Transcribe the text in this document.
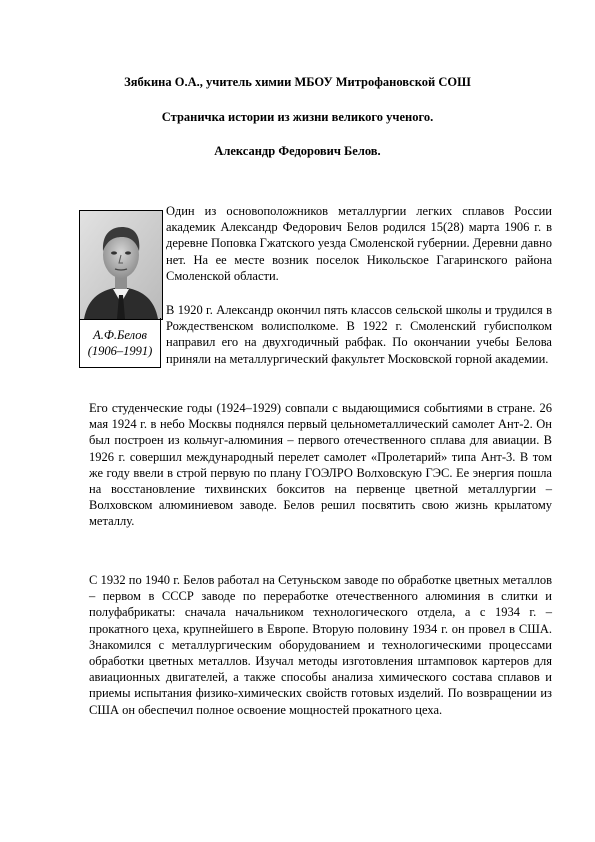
Зябкина О.А., учитель химии МБОУ Митрофановской СОШ
Страничка истории из жизни великого ученого.
Александр Федорович Белов.
А.Ф.Белов
(1906–1991)
Один из основоположников металлургии легких сплавов России академик Александр Федорович Белов родился 15(28) марта 1906 г. в деревне Поповка Гжатского уезда Смоленской губернии. Деревни давно нет. На ее месте возник поселок Никольское Гагаринского района Смоленской области.
В 1920 г. Александр окончил пять классов сельской школы и трудился в Рождественском волисполкоме. В 1922 г. Смоленский губисполком направил его на двухгодичный рабфак. По окончании учебы Белова приняли на металлургический факультет Московской горной академии.
Его студенческие годы (1924–1929) совпали с выдающимися событиями в стране. 26 мая 1924 г. в небо Москвы поднялся первый цельнометаллический самолет Ант-2. Он был построен из кольчуг-алюминия – первого отечественного сплава для авиации. В 1926 г. совершил международный перелет самолет «Пролетарий» типа Ант-3. В том же году ввели в строй первую по плану ГОЭЛРО Волховскую ГЭС. Ее энергия пошла на восстановление тихвинских бокситов на первенце цветной металлургии – Волховском алюминиевом заводе. Белов решил посвятить свою жизнь крылатому металлу.
С 1932 по 1940 г. Белов работал на Сетуньском заводе по обработке цветных металлов – первом в СССР заводе по переработке отечественного алюминия в слитки и полуфабрикаты: сначала начальником технологического отдела, а с 1934 г. – прокатного цеха, крупнейшего в Европе. Вторую половину 1934 г. он провел в США. Знакомился с металлургическим оборудованием и технологическими процессами обработки цветных металлов. Изучал методы изготовления штамповок картеров для авиационных двигателей, а также способы анализа химического состава сплавов и приемы испытания физико-химических свойств готовых изделий. По возвращении из США он обеспечил полное освоение мощностей прокатного цеха.
